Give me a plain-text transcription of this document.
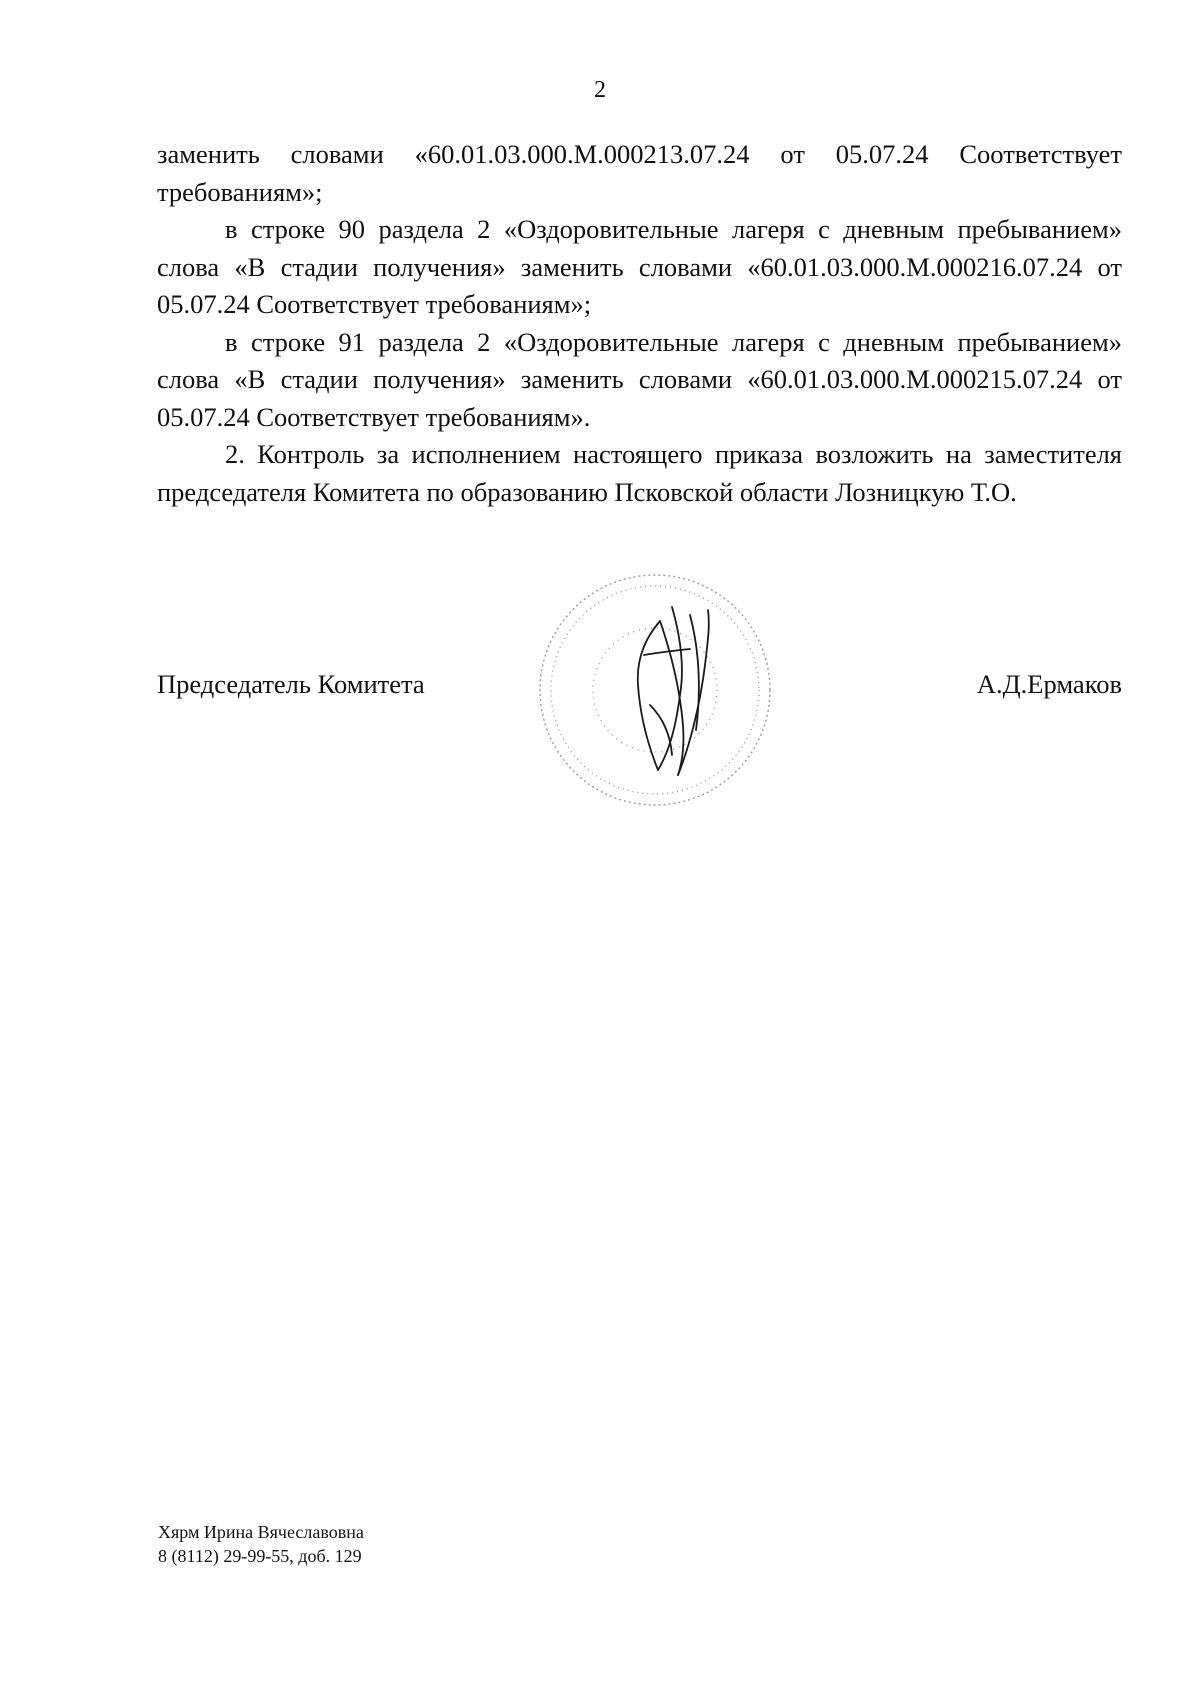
2

заменить словами «60.01.03.000.М.000213.07.24 от 05.07.24 Соответствует требованиям»;

в строке 90 раздела 2 «Оздоровительные лагеря с дневным пребыванием» слова «В стадии получения» заменить словами «60.01.03.000.М.000216.07.24 от 05.07.24 Соответствует требованиям»;

в строке 91 раздела 2 «Оздоровительные лагеря с дневным пребыванием» слова «В стадии получения» заменить словами «60.01.03.000.М.000215.07.24 от 05.07.24 Соответствует требованиям».

2. Контроль за исполнением настоящего приказа возложить на заместителя председателя Комитета по образованию Псковской области Лозницкую Т.О.

Председатель Комитета	А.Д.Ермаков
Хярм Ирина Вячеславовна
8 (8112) 29-99-55, доб. 129
